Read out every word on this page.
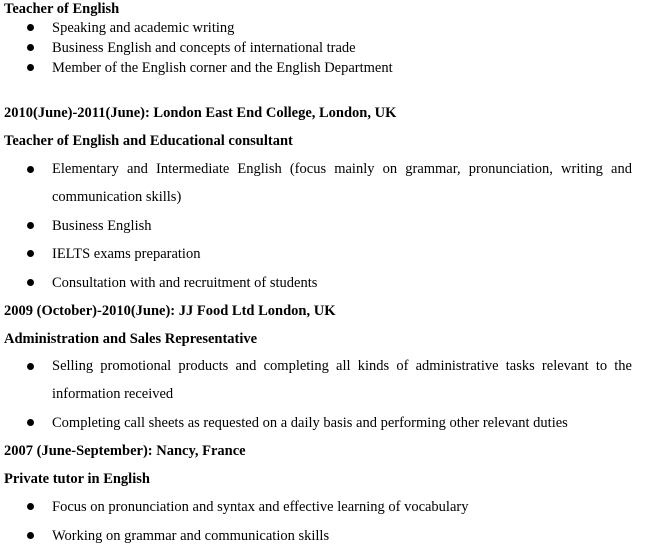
Teacher of English
Speaking and academic writing
Business English and concepts of international trade
Member of the English corner and the English Department
2010(June)-2011(June): London East End College, London, UK
Teacher of English and Educational consultant
Elementary and Intermediate English (focus mainly on grammar, pronunciation, writing and communication skills)
Business English
IELTS exams preparation
Consultation with and recruitment of students
2009 (October)-2010(June): JJ Food Ltd London, UK
Administration and Sales Representative
Selling promotional products and completing all kinds of administrative tasks relevant to the information received
Completing call sheets as requested on a daily basis and performing other relevant duties
2007 (June-September): Nancy, France
Private tutor in English
Focus on pronunciation and syntax and effective learning of vocabulary
Working on grammar and communication skills
